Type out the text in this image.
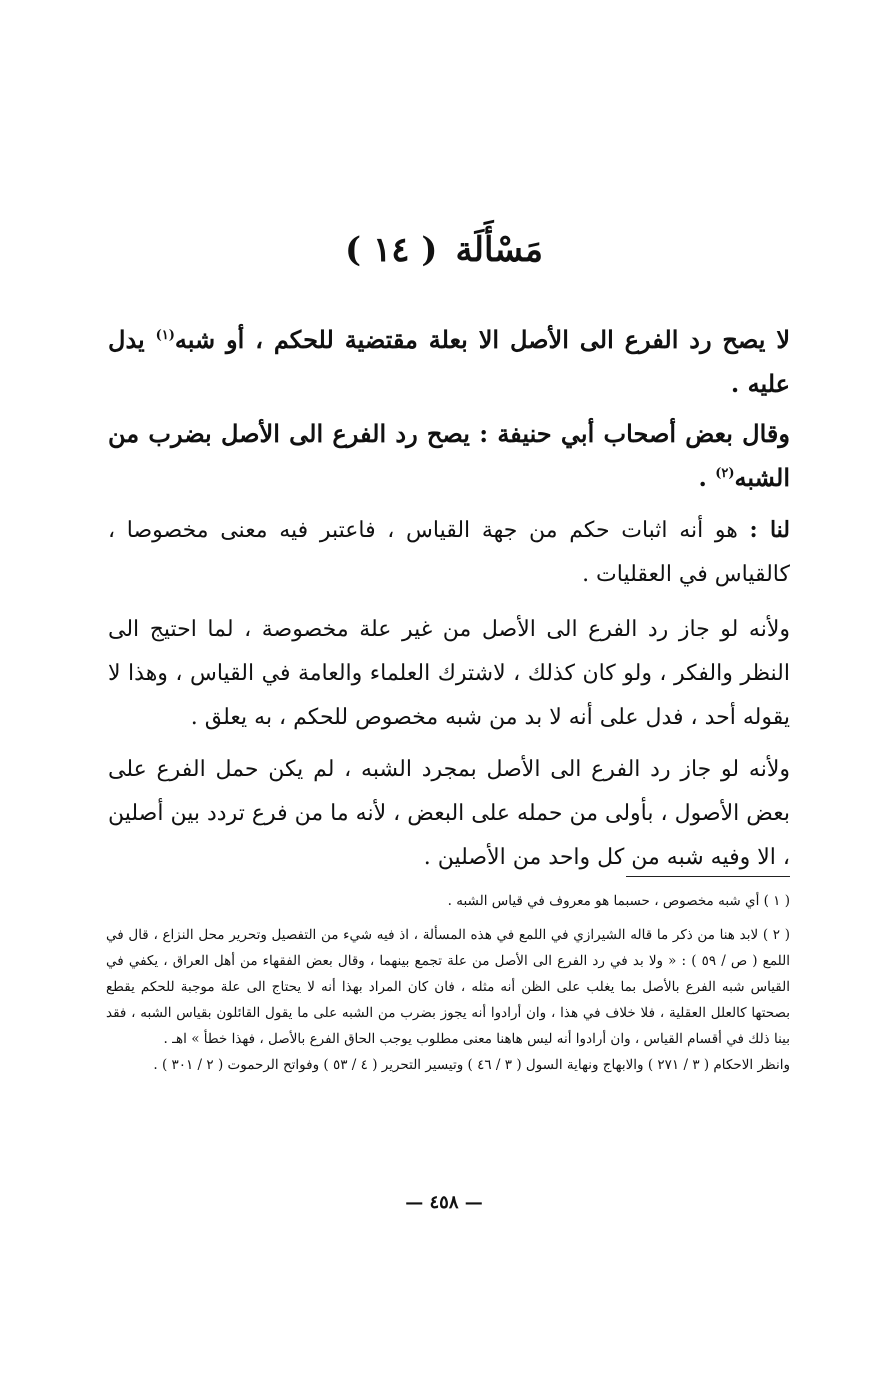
مَسْأَلَة( ١٤ )

لا يصح رد الفرع الى الأصل الا بعلة مقتضية للحكم ، أو شبه$^{(١)}$ يدل عليه .

وقال بعض أصحاب أبي حنيفة : يصح رد الفرع الى الأصل بضرب من الشبه$^{(٢)}$ .

لنا : هو أنه اثبات حكم من جهة القياس ، فاعتبر فيه معنى مخصوصا ، كالقياس في العقليات .

ولأنه لو جاز رد الفرع الى الأصل من غير علة مخصوصة ، لما احتيج الى النظر والفكر ، ولو كان كذلك ، لاشترك العلماء والعامة في القياس ، وهذا لا يقوله أحد ، فدل على أنه لا بد من شبه مخصوص للحكم ، به يعلق .

ولأنه لو جاز رد الفرع الى الأصل بمجرد الشبه ، لم يكن حمل الفرع على بعض الأصول ، بأولى من حمله على البعض ، لأنه ما من فرع تردد بين أصلين ، الا وفيه شبه من كل واحد من الأصلين .

( ١ ) أي شبه مخصوص ، حسبما هو معروف في قياس الشبه .

( ٢ ) لابد هنا من ذكر ما قاله الشيرازي في اللمع في هذه المسألة ، اذ فيه شيء من التفصيل وتحرير محل النزاع ، قال في اللمع ( ص / ٥٩ ) : « ولا بد في رد الفرع الى الأصل من علة تجمع بينهما ، وقال بعض الفقهاء من أهل العراق ، يكفي في القياس شبه الفرع بالأصل بما يغلب على الظن أنه مثله ، فان كان المراد بهذا أنه لا يحتاج الى علة موجبة للحكم يقطع بصحتها كالعلل العقلية ، فلا خلاف في هذا ، وان أرادوا أنه يجوز بضرب من الشبه على ما يقول القائلون بقياس الشبه ، فقد بينا ذلك في أقسام القياس ، وان أرادوا أنه ليس هاهنا معنى مطلوب يوجب الحاق الفرع بالأصل ، فهذا خطأ » اهـ .

وانظر الاحكام ( ٣ / ٢٧١ ) والابهاج ونهاية السول ( ٣ / ٤٦ ) وتيسير التحرير ( ٤ / ٥٣ ) وفواتح الرحموت ( ٢ / ٣٠١ ) .

— ٤٥٨ —
